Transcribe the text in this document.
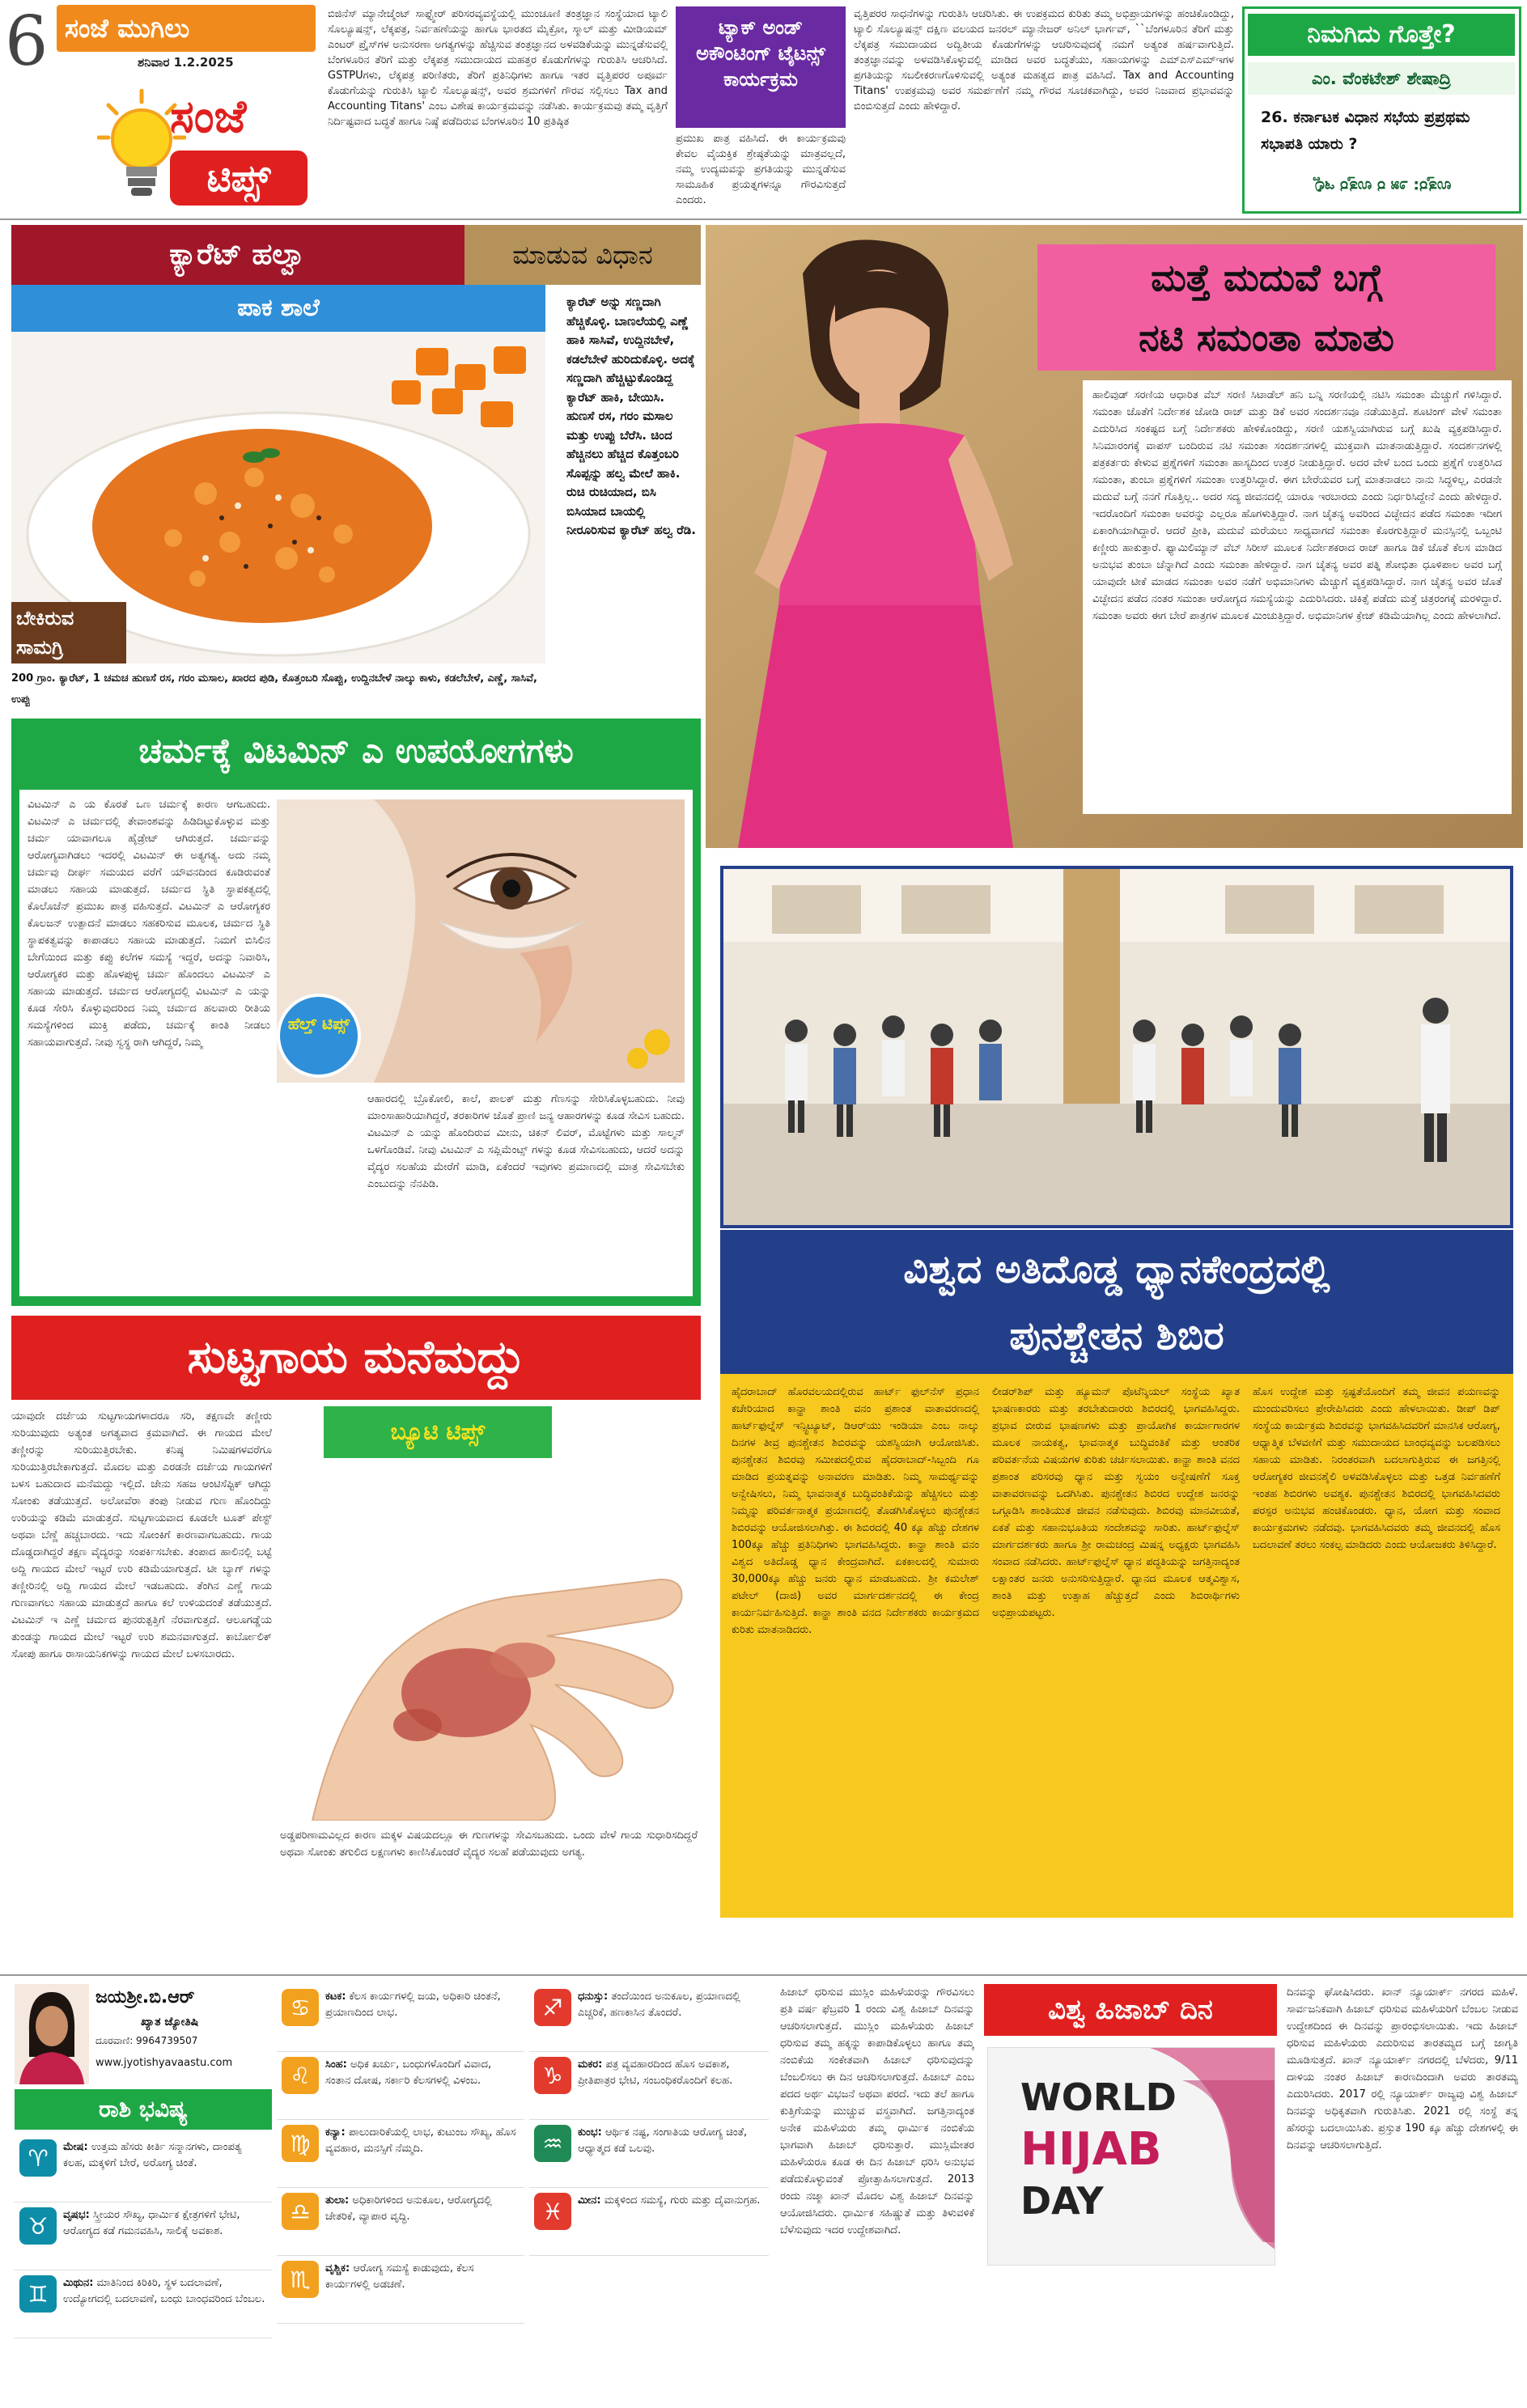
6 ಸಂಜೆ ಮುಗಿಲು
ಶನಿವಾರ 1.2.2025
ಸಂಜೆ
ಟಿಪ್ಸ್
ಬಿಜಿನೆಸ್ ಮ್ಯಾನೇಜ್ಮೆಂಟ್ ಸಾಫ್ಟ್ವೇರ್ ಪರಿಸರವ್ಯವಸ್ಥೆಯಲ್ಲಿ ಮುಂಚೂಣಿ ತಂತ್ರಜ್ಞಾನ ಸಂಸ್ಥೆಯಾದ ಟ್ಯಾಲಿ ಸೊಲ್ಯೂಷನ್ಸ್, ಲೆಕ್ಕಪತ್ರ, ನಿರ್ವಹಣೆಯನ್ನು ಹಾಗೂ ಭಾರತದ ಮೈಕ್ರೋ, ಸ್ಮಾಲ್ ಮತ್ತು ಮೀಡಿಯಮ್ ಎಂಟರ್ ಪ್ರೈಸ್‌ಗಳ ಅನುಸರಣಾ ಅಗತ್ಯಗಳನ್ನು ಹೆಚ್ಚಿಸುವ ತಂತ್ರಜ್ಞಾನದ ಅಳವಡಿಕೆಯನ್ನು ಮುನ್ನಡೆಸುವಲ್ಲಿ ಬೆಂಗಳೂರಿನ ತೆರಿಗೆ ಮತ್ತು ಲೆಕ್ಕಪತ್ರ ಸಮುದಾಯದ ಮಹತ್ತರ ಕೊಡುಗೆಗಳನ್ನು ಗುರುತಿಸಿ ಆಚರಿಸಿದೆ. GSTPUಗಳು, ಲೆಕ್ಕಪತ್ರ ಪರಿಣಿತರು, ತೆರಿಗೆ ಪ್ರತಿನಿಧಿಗಳು ಹಾಗೂ ಇತರ ವೃತ್ತಿಪರರ ಅಪೂರ್ವ ಕೊಡುಗೆಯನ್ನು ಗುರುತಿಸಿ ಟ್ಯಾಲಿ ಸೊಲ್ಯೂಷನ್ಸ್, ಅವರ ಶ್ರಮಗಳಿಗೆ ಗೌರವ ಸಲ್ಲಿಸಲು Tax and Accounting Titans' ಎಂಬ ವಿಶೇಷ ಕಾರ್ಯಕ್ರಮವನ್ನು ನಡೆಸಿತು. ಕಾರ್ಯಕ್ರಮವು ತಮ್ಮ ವೃತ್ತಿಗೆ ನಿರ್ದಿಷ್ಟವಾದ ಬದ್ಧತೆ ಹಾಗೂ ನಿಷ್ಠೆ ಪಡೆದಿರುವ ಬೆಂಗಳೂರಿನ 10 ಪ್ರತಿಷ್ಠಿತ
ಟ್ಯಾಕ್ ಅಂಡ್ ಅಕೌಂಟಿಂಗ್ ಟೈಟನ್ಸ್ ಕಾರ್ಯಕ್ರಮ
ಪ್ರಮುಖ ಪಾತ್ರ ವಹಿಸಿದೆ. ಈ ಕಾರ್ಯಕ್ರಮವು ಕೇವಲ ವೈಯಕ್ತಿಕ ಶ್ರೇಷ್ಠತೆಯನ್ನು ಮಾತ್ರವಲ್ಲದೆ, ನಮ್ಮ ಉದ್ಯಮವನ್ನು ಪ್ರಗತಿಯನ್ನು ಮುನ್ನಡೆಸುವ ಸಾಮೂಹಿಕ ಪ್ರಯತ್ನಗಳನ್ನೂ ಗೌರವಿಸುತ್ತದೆ ಎಂದರು.
ವೃತ್ತಿಪರರ ಸಾಧನೆಗಳನ್ನು ಗುರುತಿಸಿ ಆಚರಿಸಿತು. ಈ ಉಪಕ್ರಮದ ಕುರಿತು ತಮ್ಮ ಅಭಿಪ್ರಾಯಗಳನ್ನು ಹಂಚಿಕೊಂಡಿದ್ದು, ಟ್ಯಾಲಿ ಸೊಲ್ಯೂಷನ್ಸ್ ದಕ್ಷಿಣ ವಲಯದ ಜನರಲ್ ಮ್ಯಾನೇಜರ್ ಅನಿಲ್ ಭಾರ್ಗವ್, ``ಬೆಂಗಳೂರಿನ ತೆರಿಗೆ ಮತ್ತು ಲೆಕ್ಕಪತ್ರ ಸಮುದಾಯದ ಅದ್ವಿತೀಯ ಕೊಡುಗೆಗಳನ್ನು ಆಚರಿಸುವುದಕ್ಕೆ ನಮಗೆ ಅತ್ಯಂತ ಹರ್ಷವಾಗುತ್ತಿದೆ. ತಂತ್ರಜ್ಞಾನವನ್ನು ಅಳವಡಿಸಿಕೊಳ್ಳುವಲ್ಲಿ ಮಾಡಿದ ಅವರ ಬದ್ಧತೆಯು, ಸಹಾಯಗಳನ್ನು ಎಮ್ಎಸ್ಎಮ್ಇಗಳ ಪ್ರಗತಿಯನ್ನು ಸಬಲೀಕರಣಗೊಳಿಸುವಲ್ಲಿ ಅತ್ಯಂತ ಮಹತ್ವದ ಪಾತ್ರ ವಹಿಸಿದೆ. Tax and Accounting Titans' ಉಪಕ್ರಮವು ಅವರ ಸಮರ್ಪಣೆಗೆ ನಮ್ಮ ಗೌರವ ಸೂಚಕವಾಗಿದ್ದು, ಅವರ ನಿಜವಾದ ಪ್ರಭಾವವನ್ನು ಬಿಂಬಿಸುತ್ತದೆ ಎಂದು ಹೇಳಿದ್ದಾರೆ.
ನಿಮಗಿದು ಗೊತ್ತೇ?
ಎಂ. ವೆಂಕಟೇಶ್ ಶೇಷಾದ್ರಿ
26. ಕರ್ನಾಟಕ ವಿಧಾನ ಸಭೆಯ ಪ್ರಪ್ರಥಮ ಸಭಾಪತಿ ಯಾರು ?
ಉತ್ತರ: ೨೫ ರ ಉತ್ತರ ಇಲ್ಲಿ
ಕ್ಯಾರೆಟ್ ಹಲ್ವಾ	ಮಾಡುವ ವಿಧಾನ
ಪಾಕ ಶಾಲೆ
ಬೇಕಿರುವ ಸಾಮಗ್ರಿ
ಕ್ಯಾರೆಟ್ ಅನ್ನು ಸಣ್ಣದಾಗಿ ಹೆಚ್ಚಿಕೊಳ್ಳಿ. ಬಾಣಲೆಯಲ್ಲಿ ಎಣ್ಣೆ ಹಾಕಿ ಸಾಸಿವೆ, ಉದ್ದಿನಬೇಳೆ, ಕಡಲೆಬೇಳೆ ಹುರಿದುಕೊಳ್ಳಿ. ಅದಕ್ಕೆ ಸಣ್ಣದಾಗಿ ಹೆಚ್ಚಿಟ್ಟುಕೊಂಡಿದ್ದ ಕ್ಯಾರೆಟ್ ಹಾಕಿ, ಬೇಯಿಸಿ. ಹುಣಸೆ ರಸ, ಗರಂ ಮಸಾಲ ಮತ್ತು ಉಪ್ಪು ಬೆರೆಸಿ. ಚಿಂದ ಹೆಚ್ಚಿನಲು ಹೆಚ್ಚಿದ ಕೊತ್ತಂಬರಿ ಸೊಪ್ಪನ್ನು ಹಲ್ವ ಮೇಲೆ ಹಾಕಿ. ರುಚಿ ರುಚಿಯಾದ, ಬಿಸಿ ಬಿಸಿಯಾದ ಬಾಯಲ್ಲಿ ನೀರೂರಿಸುವ ಕ್ಯಾರೆಟ್ ಹಲ್ವ ರೆಡಿ.
200 ಗ್ರಾಂ. ಕ್ಯಾರೆಟ್, 1 ಚಮಚ ಹುಣಸೆ ರಸ, ಗರಂ ಮಸಾಲ, ಖಾರದ ಪುಡಿ, ಕೊತ್ತಂಬರಿ ಸೊಪ್ಪು, ಉದ್ದಿನಬೇಳೆ ನಾಲ್ಕು ಕಾಳು, ಕಡಲೆಬೇಳೆ, ಎಣ್ಣೆ, ಸಾಸಿವೆ, ಉಪ್ಪು
ಮತ್ತೆ ಮದುವೆ ಬಗ್ಗೆ
ನಟಿ ಸಮಂತಾ ಮಾತು
ಹಾಲಿವುಡ್ ಸರಣಿಯ ಆಧಾರಿತ ವೆಬ್ ಸರಣಿ ಸಿಟಾಡೆಲ್ ಹನಿ ಬನ್ನಿ ಸರಣಿಯಲ್ಲಿ ನಟಿಸಿ ಸಮಂತಾ ಮೆಚ್ಚುಗೆ ಗಳಿಸಿದ್ದಾರೆ. ಸಮಂತಾ ಜೊತೆಗೆ ನಿರ್ದೇಶಕ ಜೋಡಿ ರಾಜ್ ಮತ್ತು ಡಿಕೆ ಅವರ ಸಂದರ್ಶನವೂ ನಡೆಯುತ್ತಿದೆ. ಶೂಟಿಂಗ್ ವೇಳೆ ಸಮಂತಾ ಎದುರಿಸಿದ ಸಂಕಷ್ಟದ ಬಗ್ಗೆ ನಿರ್ದೇಶಕರು ಹೇಳಿಕೊಂಡಿದ್ದು, ಸರಣಿ ಯಶಸ್ವಿಯಾಗಿರುವ ಬಗ್ಗೆ ಖುಷಿ ವ್ಯಕ್ತಪಡಿಸಿದ್ದಾರೆ. ಸಿನಿಮಾರಂಗಕ್ಕೆ ವಾಪಸ್ ಬಂದಿರುವ ನಟಿ ಸಮಂತಾ ಸಂದರ್ಶನಗಳಲ್ಲಿ ಮುಕ್ತವಾಗಿ ಮಾತನಾಡುತ್ತಿದ್ದಾರೆ. ಸಂದರ್ಶನಗಳಲ್ಲಿ ಪತ್ರಕರ್ತರು ಕೇಳುವ ಪ್ರಶ್ನೆಗಳಿಗೆ ಸಮಂತಾ ಹಾಸ್ಯದಿಂದ ಉತ್ತರ ನೀಡುತ್ತಿದ್ದಾರೆ. ಅದರ ವೇಳೆ ಬಂದ ಒಂದು ಪ್ರಶ್ನೆಗೆ ಉತ್ತರಿಸಿದ ಸಮಂತಾ, ತುಂಬಾ ಪ್ರಶ್ನೆಗಳಿಗೆ ಸಮಂತಾ ಉತ್ತರಿಸಿದ್ದಾರೆ. ಈಗ ಬೇರೆಯವರ ಬಗ್ಗೆ ಮಾತನಾಡಲು ನಾನು ಸಿದ್ಧಳಿಲ್ಲ, ಎರಡನೇ ಮದುವೆ ಬಗ್ಗೆ ನನಗೆ ಗೊತ್ತಿಲ್ಲ.. ಅದರ ಸದ್ಯ ಜೀವನದಲ್ಲಿ ಯಾರೂ ಇರಬಾರದು ಎಂದು ನಿರ್ಧರಿಸಿದ್ದೇನೆ ಎಂದು ಹೇಳಿದ್ದಾರೆ. ಇದರೊಂದಿಗೆ ಸಮಂತಾ ಅವರನ್ನು ಎಲ್ಲರೂ ಹೊಗಳುತ್ತಿದ್ದಾರೆ. ನಾಗ ಚೈತನ್ಯ ಅವರಿಂದ ವಿಚ್ಛೇದನ ಪಡೆದ ಸಮಂತಾ ಇದೀಗ ಏಕಾಂಗಿಯಾಗಿದ್ದಾರೆ. ಆದರೆ ಪ್ರೀತಿ, ಮದುವೆ ಮರೆಯಲು ಸಾಧ್ಯವಾಗದೆ ಸಮಂತಾ ಕೊರಗುತ್ತಿದ್ದಾರೆ ಮನಸ್ಸಿನಲ್ಲಿ ಒಬ್ಬಂಟಿ ಕಣ್ಣೀರು ಹಾಕುತ್ತಾರೆ. ಫ್ಯಾಮಿಲಿಮ್ಯಾನ್ ವೆಬ್ ಸಿರೀಸ್ ಮೂಲಕ ನಿರ್ದೇಶಕರಾದ ರಾಜ್ ಹಾಗೂ ಡಿಕೆ ಜೊತೆ ಕೆಲಸ ಮಾಡಿದ ಅನುಭವ ತುಂಬಾ ಚೆನ್ನಾಗಿದೆ ಎಂದು ಸಮಂತಾ ಹೇಳಿದ್ದಾರೆ. ನಾಗ ಚೈತನ್ಯ ಅವರ ಪತ್ನಿ ಶೋಭಿತಾ ಧೂಳಿಪಾಲ ಅವರ ಬಗ್ಗೆ ಯಾವುದೇ ಟೀಕೆ ಮಾಡದ ಸಮಂತಾ ಅವರ ನಡೆಗೆ ಅಭಿಮಾನಿಗಳು ಮೆಚ್ಚುಗೆ ವ್ಯಕ್ತಪಡಿಸಿದ್ದಾರೆ. ನಾಗ ಚೈತನ್ಯ ಅವರ ಜೊತೆ ವಿಚ್ಛೇದನ ಪಡೆದ ನಂತರ ಸಮಂತಾ ಆರೋಗ್ಯದ ಸಮಸ್ಯೆಯನ್ನು ಎದುರಿಸಿದರು. ಚಿಕಿತ್ಸೆ ಪಡೆದು ಮತ್ತೆ ಚಿತ್ರರಂಗಕ್ಕೆ ಮರಳಿದ್ದಾರೆ. ಸಮಂತಾ ಅವರು ಈಗ ಬೇರೆ ಪಾತ್ರಗಳ ಮೂಲಕ ಮಿಂಚುತ್ತಿದ್ದಾರೆ. ಅಭಿಮಾನಿಗಳ ಕ್ರೇಜ್ ಕಡಿಮೆಯಾಗಿಲ್ಲ ಎಂದು ಹೇಳಲಾಗಿದೆ.
ಚರ್ಮಕ್ಕೆ ವಿಟಮಿನ್ ಎ ಉಪಯೋಗಗಳು
ವಿಟಮಿನ್ ಎ ಯ ಕೊರತೆ ಒಣ ಚರ್ಮಕ್ಕೆ ಕಾರಣ ಆಗಬಹುದು. ವಿಟಮಿನ್ ಎ ಚರ್ಮದಲ್ಲಿ ತೇವಾಂಶವನ್ನು ಹಿಡಿದಿಟ್ಟುಕೊಳ್ಳುವ ಮತ್ತು ಚರ್ಮ ಯಾವಾಗಲೂ ಹೈಡ್ರೇಟ್ ಆಗಿರುತ್ತದೆ. ಚರ್ಮವನ್ನು ಆರೋಗ್ಯವಾಗಿಡಲು ಇದರಲ್ಲಿ ವಿಟಮಿನ್ ಈ ಅತ್ಯಗತ್ಯ. ಅದು ನಮ್ಮ ಚರ್ಮವು ದೀರ್ಘ ಸಮಯದ ವರೆಗೆ ಯೌವನದಿಂದ ಕೂಡಿರುವಂತೆ ಮಾಡಲು ಸಹಾಯ ಮಾಡುತ್ತದೆ. ಚರ್ಮದ ಸ್ಥಿತಿ ಸ್ಥಾಪಕತ್ವದಲ್ಲಿ ಕೊಲೊಜೆನ್ ಪ್ರಮುಖ ಪಾತ್ರ ವಹಿಸುತ್ತದೆ. ವಿಟಮಿನ್ ಎ ಆರೋಗ್ಯಕರ ಕೊಲಜನ್ ಉತ್ಪಾದನೆ ಮಾಡಲು ಸಹಕರಿಸುವ ಮೂಲಕ, ಚರ್ಮದ ಸ್ಥಿತಿ ಸ್ಥಾಪಕತ್ವವನ್ನು ಕಾಪಾಡಲು ಸಹಾಯ ಮಾಡುತ್ತದೆ. ನಿಮಗೆ ಬಿಸಿಲಿನ ಬೇಗೆಯಿಂದ ಮತ್ತು ಕಪ್ಪು ಕಲೆಗಳ ಸಮಸ್ಯೆ ಇದ್ದರೆ, ಅದನ್ನು ನಿವಾರಿಸಿ, ಆರೋಗ್ಯಕರ ಮತ್ತು ಹೊಳಪುಳ್ಳ ಚರ್ಮ ಹೊಂದಲು ವಿಟಮಿನ್ ಎ ಸಹಾಯ ಮಾಡುತ್ತದೆ. ಚರ್ಮದ ಆರೋಗ್ಯದಲ್ಲಿ ವಿಟಮಿನ್ ಎ ಯನ್ನು ಕೂಡ ಸೇರಿಸಿ ಕೊಳ್ಳುವುದರಿಂದ ನಿಮ್ಮ ಚರ್ಮದ ಹಲವಾರು ರೀತಿಯ ಸಮಸ್ಯೆಗಳಿಂದ ಮುಕ್ತಿ ಪಡೆದು, ಚರ್ಮಕ್ಕೆ ಕಾಂತಿ ನೀಡಲು ಸಹಾಯವಾಗುತ್ತದೆ. ನೀವು ಸ್ವಸ್ಥ ರಾಗಿ ಆಗಿದ್ದರೆ, ನಿಮ್ಮ
ಹೆಲ್ತ್ ಟಿಪ್ಸ್
ಆಹಾರದಲ್ಲಿ ಬ್ರೊಕೋಲಿ, ಕಾಲೆ, ಪಾಲಕ್ ಮತ್ತು ಗೆಣಸನ್ನು ಸೇರಿಸಿಕೊಳ್ಳಬಹುದು. ನೀವು ಮಾಂಸಾಹಾರಿಯಾಗಿದ್ದರೆ, ತರಕಾರಿಗಳ ಜೊತೆ ಪ್ರಾಣಿ ಜನ್ಯ ಆಹಾರಗಳನ್ನು ಕೂಡ ಸೇವಿಸ ಬಹುದು. ವಿಟಮಿನ್ ಎ ಯನ್ನು ಹೊಂದಿರುವ ಮೀನು, ಚಿಕನ್ ಲಿವರ್, ಮೊಟ್ಟೆಗಳು ಮತ್ತು ಸಾಲ್ಮನ್ ಒಳಗೊಂಡಿವೆ. ನೀವು ವಿಟಮಿನ್ ಎ ಸಪ್ಲಿಮೆಂಟ್ಸ್ ಗಳನ್ನು ಕೂಡ ಸೇವಿಸಬಹುದು, ಆದರೆ ಅದನ್ನು ವೈದ್ಯರ ಸಲಹೆಯ ಮೇರೆಗೆ ಮಾಡಿ, ಏಕೆಂದರೆ ಇವುಗಳು ಪ್ರಮಾಣದಲ್ಲಿ ಮಾತ್ರ ಸೇವಿಸಬೇಕು ಎಂಬುದನ್ನು ನೆನಪಿಡಿ.
ವಿಶ್ವದ ಅತಿದೊಡ್ಡ ಧ್ಯಾನಕೇಂದ್ರದಲ್ಲಿ
ಪುನಶ್ಚೇತನ ಶಿಬಿರ
ಹೈದರಾಬಾದ್ ಹೊರವಲಯದಲ್ಲಿರುವ ಹಾರ್ಟ್ ಫುಲ್‌ನೆಸ್ ಪ್ರಧಾನ ಕಚೇರಿಯಾದ ಕಾನ್ಹಾ ಶಾಂತಿ ವನಂ ಪ್ರಶಾಂತ ವಾತಾವರಣದಲ್ಲಿ ಹಾರ್ಟ್‌ಫುಲ್ನೆಸ್ ಇನ್ಸ್ಟಿಟ್ಯೂಟ್, ಡಿಆರ್‌ಯು ಇಂಡಿಯಾ ಎಂಬ ನಾಲ್ಕು ದಿನಗಳ ತೀವ್ರ ಪುನಶ್ಚೇತನ ಶಿಬಿರವನ್ನು ಯಶಸ್ವಿಯಾಗಿ ಆಯೋಜಿಸಿತು. ಪುನಶ್ಚೇತನ ಶಿಬಿರವು ಸಮೀಪದಲ್ಲಿರುವ ಹೈದರಾಬಾದ್-ಸಿಬ್ಬಂದಿ ಗೂ ಮಾಡಿದ ಪ್ರಯತ್ನವನ್ನು ಅನಾವರಣ ಮಾಡಿತು. ನಿಮ್ಮ ಸಾಮರ್ಥ್ಯವನ್ನು ಅನ್ವೇಷಿಸಲು, ನಿಮ್ಮ ಭಾವನಾತ್ಮಕ ಬುದ್ಧಿವಂತಿಕೆಯನ್ನು ಹೆಚ್ಚಿಸಲು ಮತ್ತು ನಿಮ್ಮನ್ನು ಪರಿವರ್ತನಾತ್ಮಕ ಪ್ರಯಾಣದಲ್ಲಿ ತೊಡಗಿಸಿಕೊಳ್ಳಲು ಪುನಶ್ಚೇತನ ಶಿಬಿರವನ್ನು ಆಯೋಜಿಸಲಾಗಿತ್ತು. ಈ ಶಿಬಿರದಲ್ಲಿ 40 ಕ್ಕೂ ಹೆಚ್ಚು ದೇಶಗಳ 100ಕ್ಕೂ ಹೆಚ್ಚು ಪ್ರತಿನಿಧಿಗಳು ಭಾಗವಹಿಸಿದ್ದರು. ಕಾನ್ಹಾ ಶಾಂತಿ ವನಂ ವಿಶ್ವದ ಅತಿದೊಡ್ಡ ಧ್ಯಾನ ಕೇಂದ್ರವಾಗಿದೆ. ಏಕಕಾಲದಲ್ಲಿ ಸುಮಾರು 30,000ಕ್ಕೂ ಹೆಚ್ಚು ಜನರು ಧ್ಯಾನ ಮಾಡಬಹುದು. ಶ್ರೀ ಕಮಲೇಶ್ ಪಟೇಲ್ (ದಾಜಿ) ಅವರ ಮಾರ್ಗದರ್ಶನದಲ್ಲಿ ಈ ಕೇಂದ್ರ ಕಾರ್ಯನಿರ್ವಹಿಸುತ್ತಿದೆ. ಕಾನ್ಹಾ ಶಾಂತಿ ವನದ ನಿರ್ದೇಶಕರು ಕಾರ್ಯಕ್ರಮದ ಕುರಿತು ಮಾತನಾಡಿದರು.
ಲೀಡರ್‌ಶಿಪ್ ಮತ್ತು ಹ್ಯೂಮನ್ ಪೊಟೆನ್ಶಿಯಲ್ ಸಂಸ್ಥೆಯ ಖ್ಯಾತ ಭಾಷಣಕಾರರು ಮತ್ತು ತರಬೇತುದಾರರು ಶಿಬಿರದಲ್ಲಿ ಭಾಗವಹಿಸಿದ್ದರು. ಪ್ರಭಾವ ಬೀರುವ ಭಾಷಣಗಳು ಮತ್ತು ಪ್ರಾಯೋಗಿಕ ಕಾರ್ಯಾಗಾರಗಳ ಮೂಲಕ ನಾಯಕತ್ವ, ಭಾವನಾತ್ಮಕ ಬುದ್ಧಿವಂತಿಕೆ ಮತ್ತು ಆಂತರಿಕ ಪರಿವರ್ತನೆಯ ವಿಷಯಗಳ ಕುರಿತು ಚರ್ಚಿಸಲಾಯಿತು. ಕಾನ್ಹಾ ಶಾಂತಿ ವನದ ಪ್ರಶಾಂತ ಪರಿಸರವು ಧ್ಯಾನ ಮತ್ತು ಸ್ವಯಂ ಅನ್ವೇಷಣೆಗೆ ಸೂಕ್ತ ವಾತಾವರಣವನ್ನು ಒದಗಿಸಿತು. ಪುನಶ್ಚೇತನ ಶಿಬಿರದ ಉದ್ದೇಶ ಜನರನ್ನು ಒಗ್ಗೂಡಿಸಿ ಶಾಂತಿಯುತ ಜೀವನ ನಡೆಸುವುದು. ಶಿಬಿರವು ಮಾನವೀಯತೆ, ಏಕತೆ ಮತ್ತು ಸಹಾನುಭೂತಿಯ ಸಂದೇಶವನ್ನು ಸಾರಿತು. ಹಾರ್ಟ್‌ಫುಲ್ನೆಸ್ ಮಾರ್ಗದರ್ಶಕರು ಹಾಗೂ ಶ್ರೀ ರಾಮಚಂದ್ರ ಮಿಷನ್ನ ಅಧ್ಯಕ್ಷರು ಭಾಗವಹಿಸಿ ಸಂವಾದ ನಡೆಸಿದರು. ಹಾರ್ಟ್‌ಫುಲ್ನೆಸ್ ಧ್ಯಾನ ಪದ್ಧತಿಯನ್ನು ಜಗತ್ತಿನಾದ್ಯಂತ ಲಕ್ಷಾಂತರ ಜನರು ಅನುಸರಿಸುತ್ತಿದ್ದಾರೆ. ಧ್ಯಾನದ ಮೂಲಕ ಆತ್ಮವಿಶ್ವಾಸ, ಶಾಂತಿ ಮತ್ತು ಉತ್ಸಾಹ ಹೆಚ್ಚುತ್ತದೆ ಎಂದು ಶಿಬಿರಾರ್ಥಿಗಳು ಅಭಿಪ್ರಾಯಪಟ್ಟರು.
ಹೊಸ ಉದ್ದೇಶ ಮತ್ತು ಸ್ಪಷ್ಟತೆಯೊಂದಿಗೆ ತಮ್ಮ ಜೀವನ ಪಯಣವನ್ನು ಮುಂದುವರಿಸಲು ಪ್ರೇರೇಪಿಸಿದರು ಎಂದು ಹೇಳಲಾಯಿತು. ಡೀಪ್ ಡಿಪ್ ಸಂಸ್ಥೆಯ ಕಾರ್ಯಕ್ರಮ ಶಿಬಿರವನ್ನು ಭಾಗವಹಿಸಿದವರಿಗೆ ಮಾನಸಿಕ ಆರೋಗ್ಯ, ಆಧ್ಯಾತ್ಮಿಕ ಬೆಳವಣಿಗೆ ಮತ್ತು ಸಮುದಾಯದ ಬಾಂಧವ್ಯವನ್ನು ಬಲಪಡಿಸಲು ಸಹಾಯ ಮಾಡಿತು. ನಿರಂತರವಾಗಿ ಬದಲಾಗುತ್ತಿರುವ ಈ ಜಗತ್ತಿನಲ್ಲಿ ಆರೋಗ್ಯಕರ ಜೀವನಶೈಲಿ ಅಳವಡಿಸಿಕೊಳ್ಳಲು ಮತ್ತು ಒತ್ತಡ ನಿರ್ವಹಣೆಗೆ ಇಂತಹ ಶಿಬಿರಗಳು ಅವಶ್ಯಕ. ಪುನಶ್ಚೇತನ ಶಿಬಿರದಲ್ಲಿ ಭಾಗವಹಿಸಿದವರು ಪರಸ್ಪರ ಅನುಭವ ಹಂಚಿಕೊಂಡರು. ಧ್ಯಾನ, ಯೋಗ ಮತ್ತು ಸಂವಾದ ಕಾರ್ಯಕ್ರಮಗಳು ನಡೆದವು. ಭಾಗವಹಿಸಿದವರು ತಮ್ಮ ಜೀವನದಲ್ಲಿ ಹೊಸ ಬದಲಾವಣೆ ತರಲು ಸಂಕಲ್ಪ ಮಾಡಿದರು ಎಂದು ಆಯೋಜಕರು ತಿಳಿಸಿದ್ದಾರೆ.
ಸುಟ್ಟಗಾಯ ಮನೆಮದ್ದು
ಯಾವುದೇ ದರ್ಜೆಯ ಸುಟ್ಟಗಾಯಗಳಾದರೂ ಸರಿ, ತಕ್ಷಣವೇ ತಣ್ಣೀರು ಸುರಿಯುವುದು ಅತ್ಯಂತ ಅಗತ್ಯವಾದ ಕ್ರಮವಾಗಿದೆ. ಈ ಗಾಯದ ಮೇಲೆ ತಣ್ಣೀರನ್ನು ಸುರಿಯುತ್ತಿರಬೇಕು. ಕನಿಷ್ಠ ನಿಮಿಷಗಳವರೆಗೂ ಸುರಿಯುತ್ತಿರಬೇಕಾಗುತ್ತದೆ. ಮೊದಲ ಮತ್ತು ಎರಡನೇ ದರ್ಜೆಯ ಗಾಯಗಳಿಗೆ ಬಳಸ ಬಹುದಾದ ಮನೆಮದ್ದು ಇಲ್ಲಿದೆ. ಜೇನು ಸಹಜ ಆಂಟಿಸೆಪ್ಟಿಕ್ ಆಗಿದ್ದು ಸೋಂಕು ತಡೆಯುತ್ತದೆ. ಅಲೋವೆರಾ ತಂಪು ನೀಡುವ ಗುಣ ಹೊಂದಿದ್ದು ಉರಿಯನ್ನು ಕಡಿಮೆ ಮಾಡುತ್ತದೆ. ಸುಟ್ಟಗಾಯವಾದ ಕೂಡಲೇ ಟೂತ್ ಪೇಸ್ಟ್ ಅಥವಾ ಬೆಣ್ಣೆ ಹಚ್ಚಬಾರದು. ಇದು ಸೋಂಕಿಗೆ ಕಾರಣವಾಗಬಹುದು. ಗಾಯ ದೊಡ್ಡದಾಗಿದ್ದರೆ ತಕ್ಷಣ ವೈದ್ಯರನ್ನು ಸಂಪರ್ಕಿಸಬೇಕು. ತಂಪಾದ ಹಾಲಿನಲ್ಲಿ ಬಟ್ಟೆ ಅದ್ದಿ ಗಾಯದ ಮೇಲೆ ಇಟ್ಟರೆ ಉರಿ ಕಡಿಮೆಯಾಗುತ್ತದೆ. ಟೀ ಬ್ಯಾಗ್ ಗಳನ್ನು ತಣ್ಣೀರಿನಲ್ಲಿ ಅದ್ದಿ ಗಾಯದ ಮೇಲೆ ಇಡಬಹುದು. ತೆಂಗಿನ ಎಣ್ಣೆ ಗಾಯ ಗುಣವಾಗಲು ಸಹಾಯ ಮಾಡುತ್ತದೆ ಹಾಗೂ ಕಲೆ ಉಳಿಯದಂತೆ ತಡೆಯುತ್ತದೆ. ವಿಟಮಿನ್ ಇ ಎಣ್ಣೆ ಚರ್ಮದ ಪುನರುತ್ಪತ್ತಿಗೆ ನೆರವಾಗುತ್ತದೆ. ಆಲೂಗಡ್ಡೆಯ ತುಂಡನ್ನು ಗಾಯದ ಮೇಲೆ ಇಟ್ಟರೆ ಉರಿ ಶಮನವಾಗುತ್ತದೆ. ಕಾರ್ಬೋಲಿಕ್ ಸೋಪು ಹಾಗೂ ರಾಸಾಯನಿಕಗಳನ್ನು ಗಾಯದ ಮೇಲೆ ಬಳಸಬಾರದು.
ಬ್ಯೂಟಿ ಟಿಪ್ಸ್
ಅಡ್ಡಪರಿಣಾಮವಿಲ್ಲದ ಕಾರಣ ಮಕ್ಕಳ ವಿಷಯದಲ್ಲೂ ಈ ಗುಣಗಳನ್ನು ಸೇವಿಸಬಹುದು. ಒಂದು ವೇಳೆ ಗಾಯ ಸುಧಾರಿಸದಿದ್ದರೆ ಅಥವಾ ಸೋಂಕು ತಗುಲಿದ ಲಕ್ಷಣಗಳು ಕಾಣಿಸಿಕೊಂಡರೆ ವೈದ್ಯರ ಸಲಹೆ ಪಡೆಯುವುದು ಅಗತ್ಯ.
ಜಯಶ್ರೀ.ಬಿ.ಆರ್
ಖ್ಯಾತ ಜ್ಯೋತಿಷಿ
ದೂರವಾಣಿ: 9964739507
www.jyotishyavaastu.com
ರಾಶಿ ಭವಿಷ್ಯ
♈	ಮೇಷ: ಉತ್ತಮ ಹೆಸರು ಕೀರ್ತಿ ಸನ್ಮಾನಗಳು, ದಾಂಪತ್ಯ ಕಲಹ, ಮಕ್ಕಳಿಗೆ ಬೇರೆ, ಅರೋಗ್ಯ ಚಿಂತೆ.
♉	ವೃಷಭ: ಸ್ತ್ರೀಯರ ಸೌಖ್ಯ, ಧಾರ್ಮಿಕ ಕ್ಷೇತ್ರಗಳಿಗೆ ಭೇಟಿ, ಆರೋಗ್ಯದ ಕಡೆ ಗಮನವಹಿಸಿ, ಸಾಲಿಕ್ಕೆ ಅವಕಾಶ.
♊	ಮಿಥುನ: ಮಾತಿನಿಂದ ಕಿರಿಕಿರಿ, ಸ್ಥಳ ಬದಲಾವಣೆ, ಉದ್ಯೋಗದಲ್ಲಿ ಬದಲಾವಣೆ, ಬಂಧು ಬಾಂಧವರಿಂದ ಬೆಂಬಲ.
♋	ಕಟಕ: ಕೆಲಸ ಕಾರ್ಯಗಳಲ್ಲಿ ಜಯ, ಅಧಿಕಾರಿ ಚಿಂತನೆ, ಪ್ರಯಾಣದಿಂದ ಲಾಭ.
♌	ಸಿಂಹ: ಅಧಿಕ ಖರ್ಚು, ಬಂಧುಗಳೊಂದಿಗೆ ವಿವಾದ, ಸಂತಾನ ದೋಷ, ಸರ್ಕಾರಿ ಕೆಲಸಗಳಲ್ಲಿ ವಿಳಂಬ.
♍	ಕನ್ಯಾ: ಪಾಲುದಾರಿಕೆಯಲ್ಲಿ ಲಾಭ, ಕುಟುಂಬ ಸೌಖ್ಯ, ಹೊಸ ವ್ಯವಹಾರ, ಮನಸ್ಸಿಗೆ ನೆಮ್ಮದಿ.
♎	ತುಲಾ: ಅಧಿಕಾರಿಗಳಿಂದ ಅನುಕೂಲ, ಆರೋಗ್ಯದಲ್ಲಿ ಚೇತರಿಕೆ, ವ್ಯಾಪಾರ ವೃದ್ಧಿ.
♏	ವೃಶ್ಚಿಕ: ಆರೋಗ್ಯ ಸಮಸ್ಯೆ ಕಾಡುವುದು, ಕೆಲಸ ಕಾರ್ಯಗಳಲ್ಲಿ ಅಡಚಣೆ.
♐	ಧನುಸ್ಸು: ತಂದೆಯಿಂದ ಅನುಕೂಲ, ಪ್ರಯಾಣದಲ್ಲಿ ಎಚ್ಚರಿಕೆ, ಹಣಕಾಸಿನ ತೊಂದರೆ.
♑	ಮಕರ: ಪತ್ರ ವ್ಯವಹಾರದಿಂದ ಹೊಸ ಅವಕಾಶ, ಪ್ರೀತಿಪಾತ್ರರ ಭೇಟಿ, ಸಂಬಂಧಿಕರೊಂದಿಗೆ ಕಲಹ.
♒	ಕುಂಭ: ಆರ್ಥಿಕ ನಷ್ಟ, ಸಂಗಾತಿಯ ಆರೋಗ್ಯ ಚಿಂತೆ, ಆಧ್ಯಾತ್ಮದ ಕಡೆ ಒಲವು.
♓	ಮೀನ: ಮಕ್ಕಳಿಂದ ಸಮಸ್ಯೆ, ಗುರು ಮತ್ತು ದೈವಾನುಗ್ರಹ.
ಹಿಜಾಬ್ ಧರಿಸುವ ಮುಸ್ಲಿಂ ಮಹಿಳೆಯರನ್ನು ಗೌರವಿಸಲು ಪ್ರತಿ ವರ್ಷ ಫೆಬ್ರವರಿ 1 ರಂದು ವಿಶ್ವ ಹಿಜಾಬ್ ದಿನವನ್ನು ಆಚರಿಸಲಾಗುತ್ತದೆ. ಮುಸ್ಲಿಂ ಮಹಿಳೆಯರು ಹಿಜಾಬ್ ಧರಿಸುವ ತಮ್ಮ ಹಕ್ಕನ್ನು ಕಾಪಾಡಿಕೊಳ್ಳಲು ಹಾಗೂ ತಮ್ಮ ನಂಬಿಕೆಯ ಸಂಕೇತವಾಗಿ ಹಿಜಾಬ್ ಧರಿಸುವುದನ್ನು ಬೆಂಬಲಿಸಲು ಈ ದಿನ ಆಚರಿಸಲಾಗುತ್ತದೆ. ಹಿಜಾಬ್ ಎಂಬ ಪದದ ಅರ್ಥ ವಿಭಜನೆ ಅಥವಾ ಪರದೆ. ಇದು ತಲೆ ಹಾಗೂ ಕುತ್ತಿಗೆಯನ್ನು ಮುಚ್ಚುವ ವಸ್ತ್ರವಾಗಿದೆ. ಜಗತ್ತಿನಾದ್ಯಂತ ಅನೇಕ ಮಹಿಳೆಯರು ತಮ್ಮ ಧಾರ್ಮಿಕ ನಂಬಿಕೆಯ ಭಾಗವಾಗಿ ಹಿಜಾಬ್ ಧರಿಸುತ್ತಾರೆ. ಮುಸ್ಲಿಮೇತರ ಮಹಿಳೆಯರೂ ಕೂಡ ಈ ದಿನ ಹಿಜಾಬ್ ಧರಿಸಿ ಅನುಭವ ಪಡೆದುಕೊಳ್ಳುವಂತೆ ಪ್ರೋತ್ಸಾಹಿಸಲಾಗುತ್ತದೆ. 2013 ರಂದು ನಜ್ಮಾ ಖಾನ್ ಮೊದಲ ವಿಶ್ವ ಹಿಜಾಬ್ ದಿನವನ್ನು ಆಯೋಜಿಸಿದರು. ಧಾರ್ಮಿಕ ಸಹಿಷ್ಣುತೆ ಮತ್ತು ತಿಳುವಳಿಕೆ ಬೆಳೆಸುವುದು ಇದರ ಉದ್ದೇಶವಾಗಿದೆ.
ವಿಶ್ವ ಹಿಜಾಬ್ ದಿನ
WORLD
HIJAB
DAY
ದಿನವನ್ನು ಘೋಷಿಸಿದರು. ಖಾನ್ ನ್ಯೂಯಾರ್ಕ್ ನಗರದ ಮಹಿಳೆ. ಸಾರ್ವಜನಿಕವಾಗಿ ಹಿಜಾಬ್ ಧರಿಸುವ ಮಹಿಳೆಯರಿಗೆ ಬೆಂಬಲ ನೀಡುವ ಉದ್ದೇಶದಿಂದ ಈ ದಿನವನ್ನು ಪ್ರಾರಂಭಿಸಲಾಯಿತು. ಇದು ಹಿಜಾಬ್ ಧರಿಸುವ ಮಹಿಳೆಯರು ಎದುರಿಸುವ ತಾರತಮ್ಯದ ಬಗ್ಗೆ ಜಾಗೃತಿ ಮೂಡಿಸುತ್ತದೆ. ಖಾನ್ ನ್ಯೂಯಾರ್ಕ್ ನಗರದಲ್ಲಿ ಬೆಳೆದರು, 9/11 ದಾಳಿಯ ನಂತರ ಹಿಜಾಬ್ ಕಾರಣದಿಂದಾಗಿ ಅವರು ತಾರತಮ್ಯ ಎದುರಿಸಿದರು. 2017 ರಲ್ಲಿ ನ್ಯೂಯಾರ್ಕ್ ರಾಜ್ಯವು ವಿಶ್ವ ಹಿಜಾಬ್ ದಿನವನ್ನು ಅಧಿಕೃತವಾಗಿ ಗುರುತಿಸಿತು. 2021 ರಲ್ಲಿ ಸಂಸ್ಥೆ ತನ್ನ ಹೆಸರನ್ನು ಬದಲಾಯಿಸಿತು. ಪ್ರಸ್ತುತ 190 ಕ್ಕೂ ಹೆಚ್ಚು ದೇಶಗಳಲ್ಲಿ ಈ ದಿನವನ್ನು ಆಚರಿಸಲಾಗುತ್ತಿದೆ.
